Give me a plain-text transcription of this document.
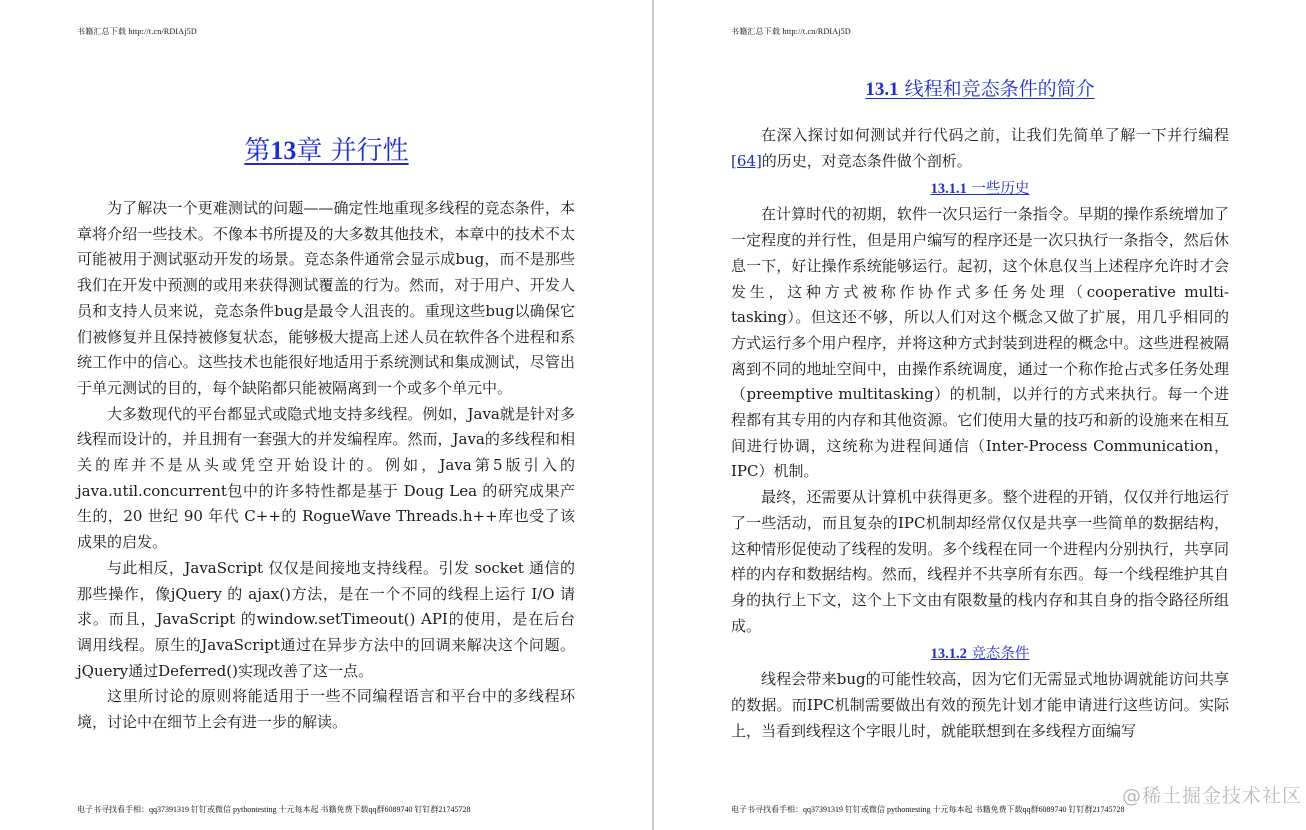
书籍汇总下载 http://t.cn/RDIAj5D
第13章 并行性

为了解决一个更难测试的问题——确定性地重现多线程的竞态条件，本章将介绍一些技术。不像本书所提及的大多数其他技术，本章中的技术不太可能被用于测试驱动开发的场景。竞态条件通常会显示成bug，而不是那些我们在开发中预测的或用来获得测试覆盖的行为。然而，对于用户、开发人员和支持人员来说，竞态条件bug是最令人沮丧的。重现这些bug以确保它们被修复并且保持被修复状态，能够极大提高上述人员在软件各个进程和系统工作中的信心。这些技术也能很好地适用于系统测试和集成测试，尽管出于单元测试的目的，每个缺陷都只能被隔离到一个或多个单元中。

大多数现代的平台都显式或隐式地支持多线程。例如，Java就是针对多线程而设计的，并且拥有一套强大的并发编程库。然而，Java的多线程和相关的库并不是从头或凭空开始设计的。例如，Java第5版引入的java.util.concurrent包中的许多特性都是基于 Doug Lea 的研究成果产生的，20 世纪 90 年代 C++的 RogueWave Threads.h++库也受了该成果的启发。

与此相反，JavaScript 仅仅是间接地支持线程。引发 socket 通信的那些操作，像jQuery 的 ajax()方法，是在一个不同的线程上运行 I/O 请求。而且，JavaScript 的window.setTimeout() API的使用，是在后台调用线程。原生的JavaScript通过在异步方法中的回调来解决这个问题。jQuery通过Deferred()实现改善了这一点。

这里所讨论的原则将能适用于一些不同编程语言和平台中的多线程环境，讨论中在细节上会有进一步的解读。

电子书寻找看手相：qq37391319 钉钉或微信 pythontesting 十元每本起 书籍免费下载qq群6089740 钉钉群21745728
书籍汇总下载 http://t.cn/RDIAj5D
13.1 线程和竞态条件的简介

在深入探讨如何测试并行代码之前，让我们先简单了解一下并行编程[64]的历史，对竞态条件做个剖析。

13.1.1 一些历史

在计算时代的初期，软件一次只运行一条指令。早期的操作系统增加了一定程度的并行性，但是用户编写的程序还是一次只执行一条指令，然后休息一下，好让操作系统能够运行。起初，这个休息仅当上述程序允许时才会发生，这种方式被称作协作式多任务处理（cooperative multi-tasking）。但这还不够，所以人们对这个概念又做了扩展，用几乎相同的方式运行多个用户程序，并将这种方式封装到进程的概念中。这些进程被隔离到不同的地址空间中，由操作系统调度，通过一个称作抢占式多任务处理（preemptive multitasking）的机制，以并行的方式来执行。每一个进程都有其专用的内存和其他资源。它们使用大量的技巧和新的设施来在相互间进行协调，这统称为进程间通信（Inter-Process Communication，IPC）机制。

最终，还需要从计算机中获得更多。整个进程的开销，仅仅并行地运行了一些活动，而且复杂的IPC机制却经常仅仅是共享一些简单的数据结构，这种情形促使动了线程的发明。多个线程在同一个进程内分别执行，共享同样的内存和数据结构。然而，线程并不共享所有东西。每一个线程维护其自身的执行上下文，这个上下文由有限数量的栈内存和其自身的指令路径所组成。

13.1.2 竞态条件

线程会带来bug的可能性较高，因为它们无需显式地协调就能访问共享的数据。而IPC机制需要做出有效的预先计划才能申请进行这些访问。实际上，当看到线程这个字眼儿时，就能联想到在多线程方面编写

电子书寻找看手相：qq37391319 钉钉或微信 pythontesting 十元每本起 书籍免费下载qq群6089740 钉钉群21745728
@稀土掘金技术社区
